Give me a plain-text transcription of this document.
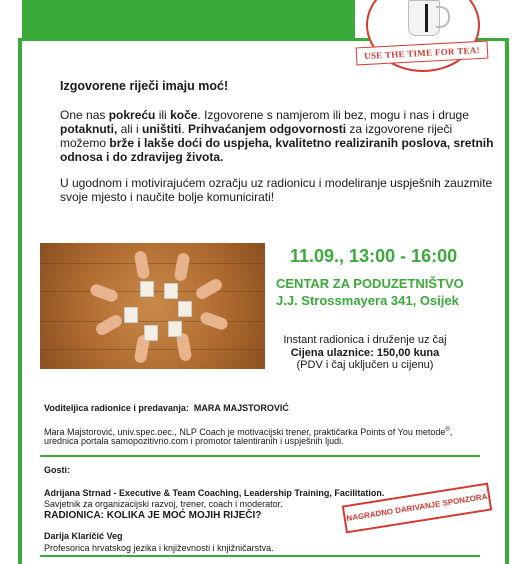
USE THE TIME FOR TEA!
Izgovorene riječi imaju moć!
One nas pokreću ili koče. Izgovorene s namjerom ili bez, mogu i nas i druge potaknuti, ali i uništiti. Prihvaćanjem odgovornosti za izgovorene riječi možemo brže i lakše doći do uspjeha, kvalitetno realiziranih poslova, sretnih odnosa i do zdravijeg života.
U ugodnom i motivirajućem ozračju uz radionicu i modeliranje uspješnih zauzmite svoje mjesto i naučite bolje komunicirati!
11.09., 13:00 - 16:00
CENTAR ZA PODUZETNIŠTVO
J.J. Strossmayera 341, Osijek
Instant radionica i druženje uz čaj
Cijena ulaznice: 150,00 kuna
(PDV i čaj uključen u cijenu)
Voditeljica radionice i predavanja: MARA MAJSTOROVIĆ
Mara Majstorović, univ.spec.oec., NLP Coach je motivacijski trener, praktičarka Points of You metode®,
urednica portala samopozitivno.com i promotor talentiranih i uspješnih ljudi.
Gosti:
Adrijana Strnad - Executive & Team Coaching, Leadership Training, Facilitation.
Savjetnik za organizacijski razvoj, trener, coach i moderator.
RADIONICA: KOLIKA JE MOĆ MOJIH RIJEČI?
Darija Klaričić Veg
Profesorica hrvatskog jezika i književnosti i knjižničarstva.
NAGRADNO DARIVANJE SPONZORA
